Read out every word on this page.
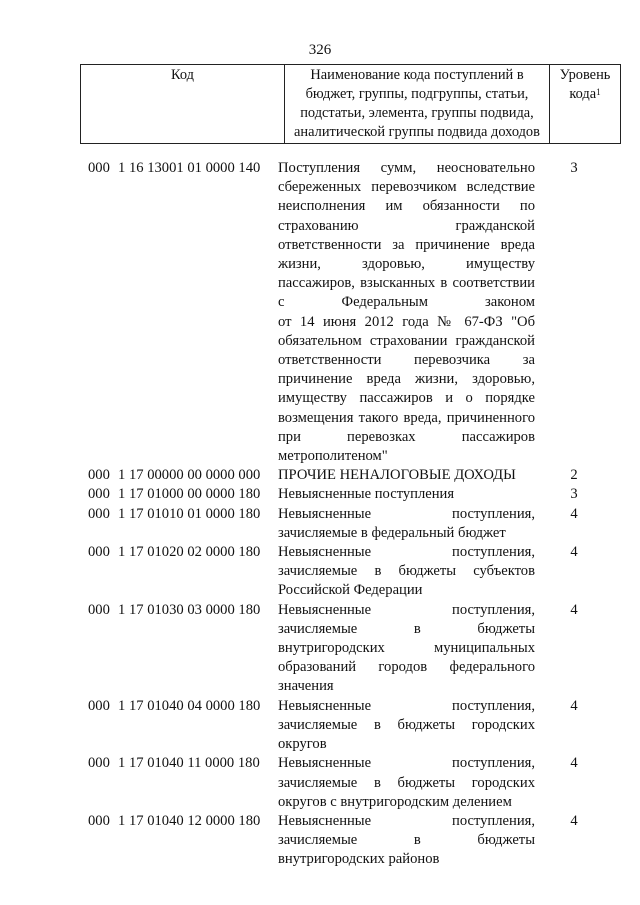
326
Код	Наименование кода поступлений в
бюджет, группы, подгруппы, статьи,
подстатьи, элемента, группы подвида,
аналитической группы подвида доходов

Уровень
кода$^1$
000 1 16 13001 01 0000 140	Поступления сумм, неосновательно
сбереженных перевозчиком вследствие
неисполнения им обязанности по
страхованию гражданской
ответственности за причинение вреда
жизни, здоровью, имуществу
пассажиров, взысканных в соответствии
с Федеральным законом
от 14 июня 2012 года № 67-ФЗ "Об
обязательном страховании гражданской
ответственности перевозчика за
причинение вреда жизни, здоровью,
имуществу пассажиров и о порядке
возмещения такого вреда, причиненного
при перевозках пассажиров
метрополитеном"
3
000 1 17 00000 00 0000 000	ПРОЧИЕ НЕНАЛОГОВЫЕ ДОХОДЫ	2
000 1 17 01000 00 0000 180	Невыясненные поступления	3
000 1 17 01010 01 0000 180	Невыясненные поступления,
зачисляемые в федеральный бюджет
4
000 1 17 01020 02 0000 180	Невыясненные поступления,
зачисляемые в бюджеты субъектов
Российской Федерации
4
000 1 17 01030 03 0000 180	Невыясненные поступления,
зачисляемые в бюджеты
внутригородских муниципальных
образований городов федерального
значения
4
000 1 17 01040 04 0000 180	Невыясненные поступления,
зачисляемые в бюджеты городских
округов
4
000 1 17 01040 11 0000 180	Невыясненные поступления,
зачисляемые в бюджеты городских
округов с внутригородским делением
4
000 1 17 01040 12 0000 180	Невыясненные поступления,
зачисляемые в бюджеты
внутригородских районов
4
